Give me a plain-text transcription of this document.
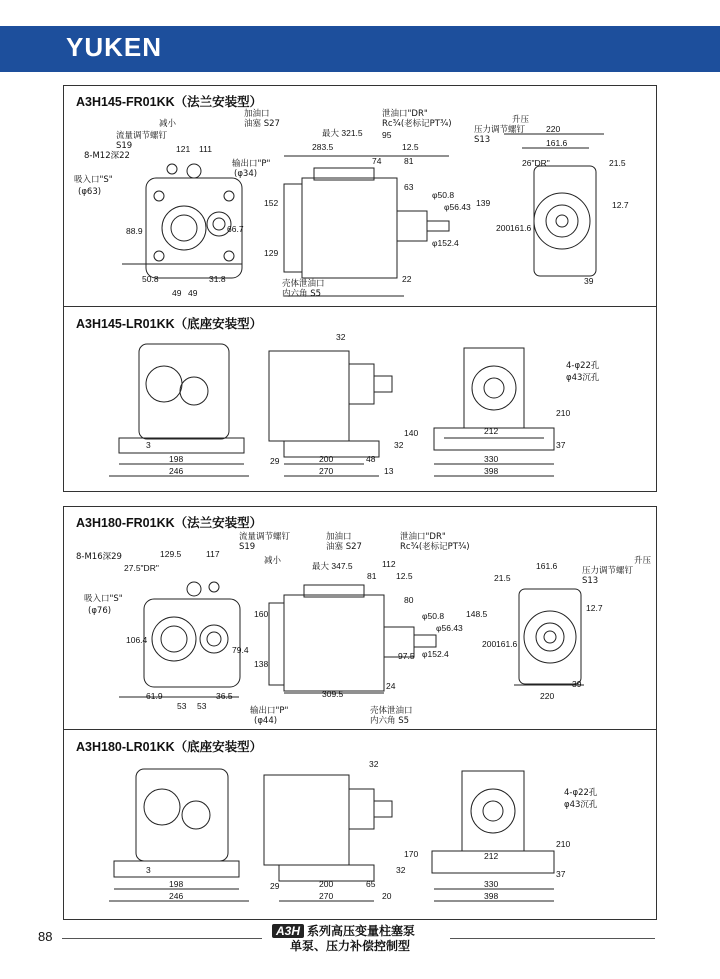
YUKEN
A3H145-FR01KK（法兰安装型）
A3H145-LR01KK（底座安装型）
流量调节螺钉
S19
8-M12深22
吸入口"S"
(φ63)
输出口"P"
(φ34)
减小
加油口
油塞 S27
泄油口"DR"
Rc¾(老标记PT¾)
最大 321.5
壳体泄油口
内六角 S5
升压
压力调节螺钉
S13
26"DR"
121 111
88.9	66.7
50.8
49 49
31.8
283.5
95
74
12.5
81
63
152
129
22
φ50.8
φ56.43
φ152.4
139
220
161.6
21.5
12.7
200 161.6
39
4-φ22孔
φ43沉孔
32
140
32
3
198
246
29	200	48
270	13
212
210
330
398
37
A3H180-FR01KK（法兰安装型）
A3H180-LR01KK（底座安装型）
8-M16深29
27.5"DR"
流量调节螺钉
S19
加油口
油塞 S27
泄油口"DR"
Rc¾(老标记PT¾)
减小	最大 347.5
吸入口"S"
(φ76)
输出口"P"
(φ44)
壳体泄油口
内六角 S5
升压
压力调节螺钉
S13
129.5	117
112
81 12.5
80
106.4
79.4
61.9
53 53
36.5
160
138
97.5
24
309.5
φ50.8
φ56.43
φ152.4
148.5
161.6
21.5
12.7
200 161.6
39
220
4-φ22孔
φ43沉孔
32
3
198
246
29	200	65
270	20
32
170	212
210
330
398
37
88	A3H 系列高压变量柱塞泵
单泵、压力补偿控制型
